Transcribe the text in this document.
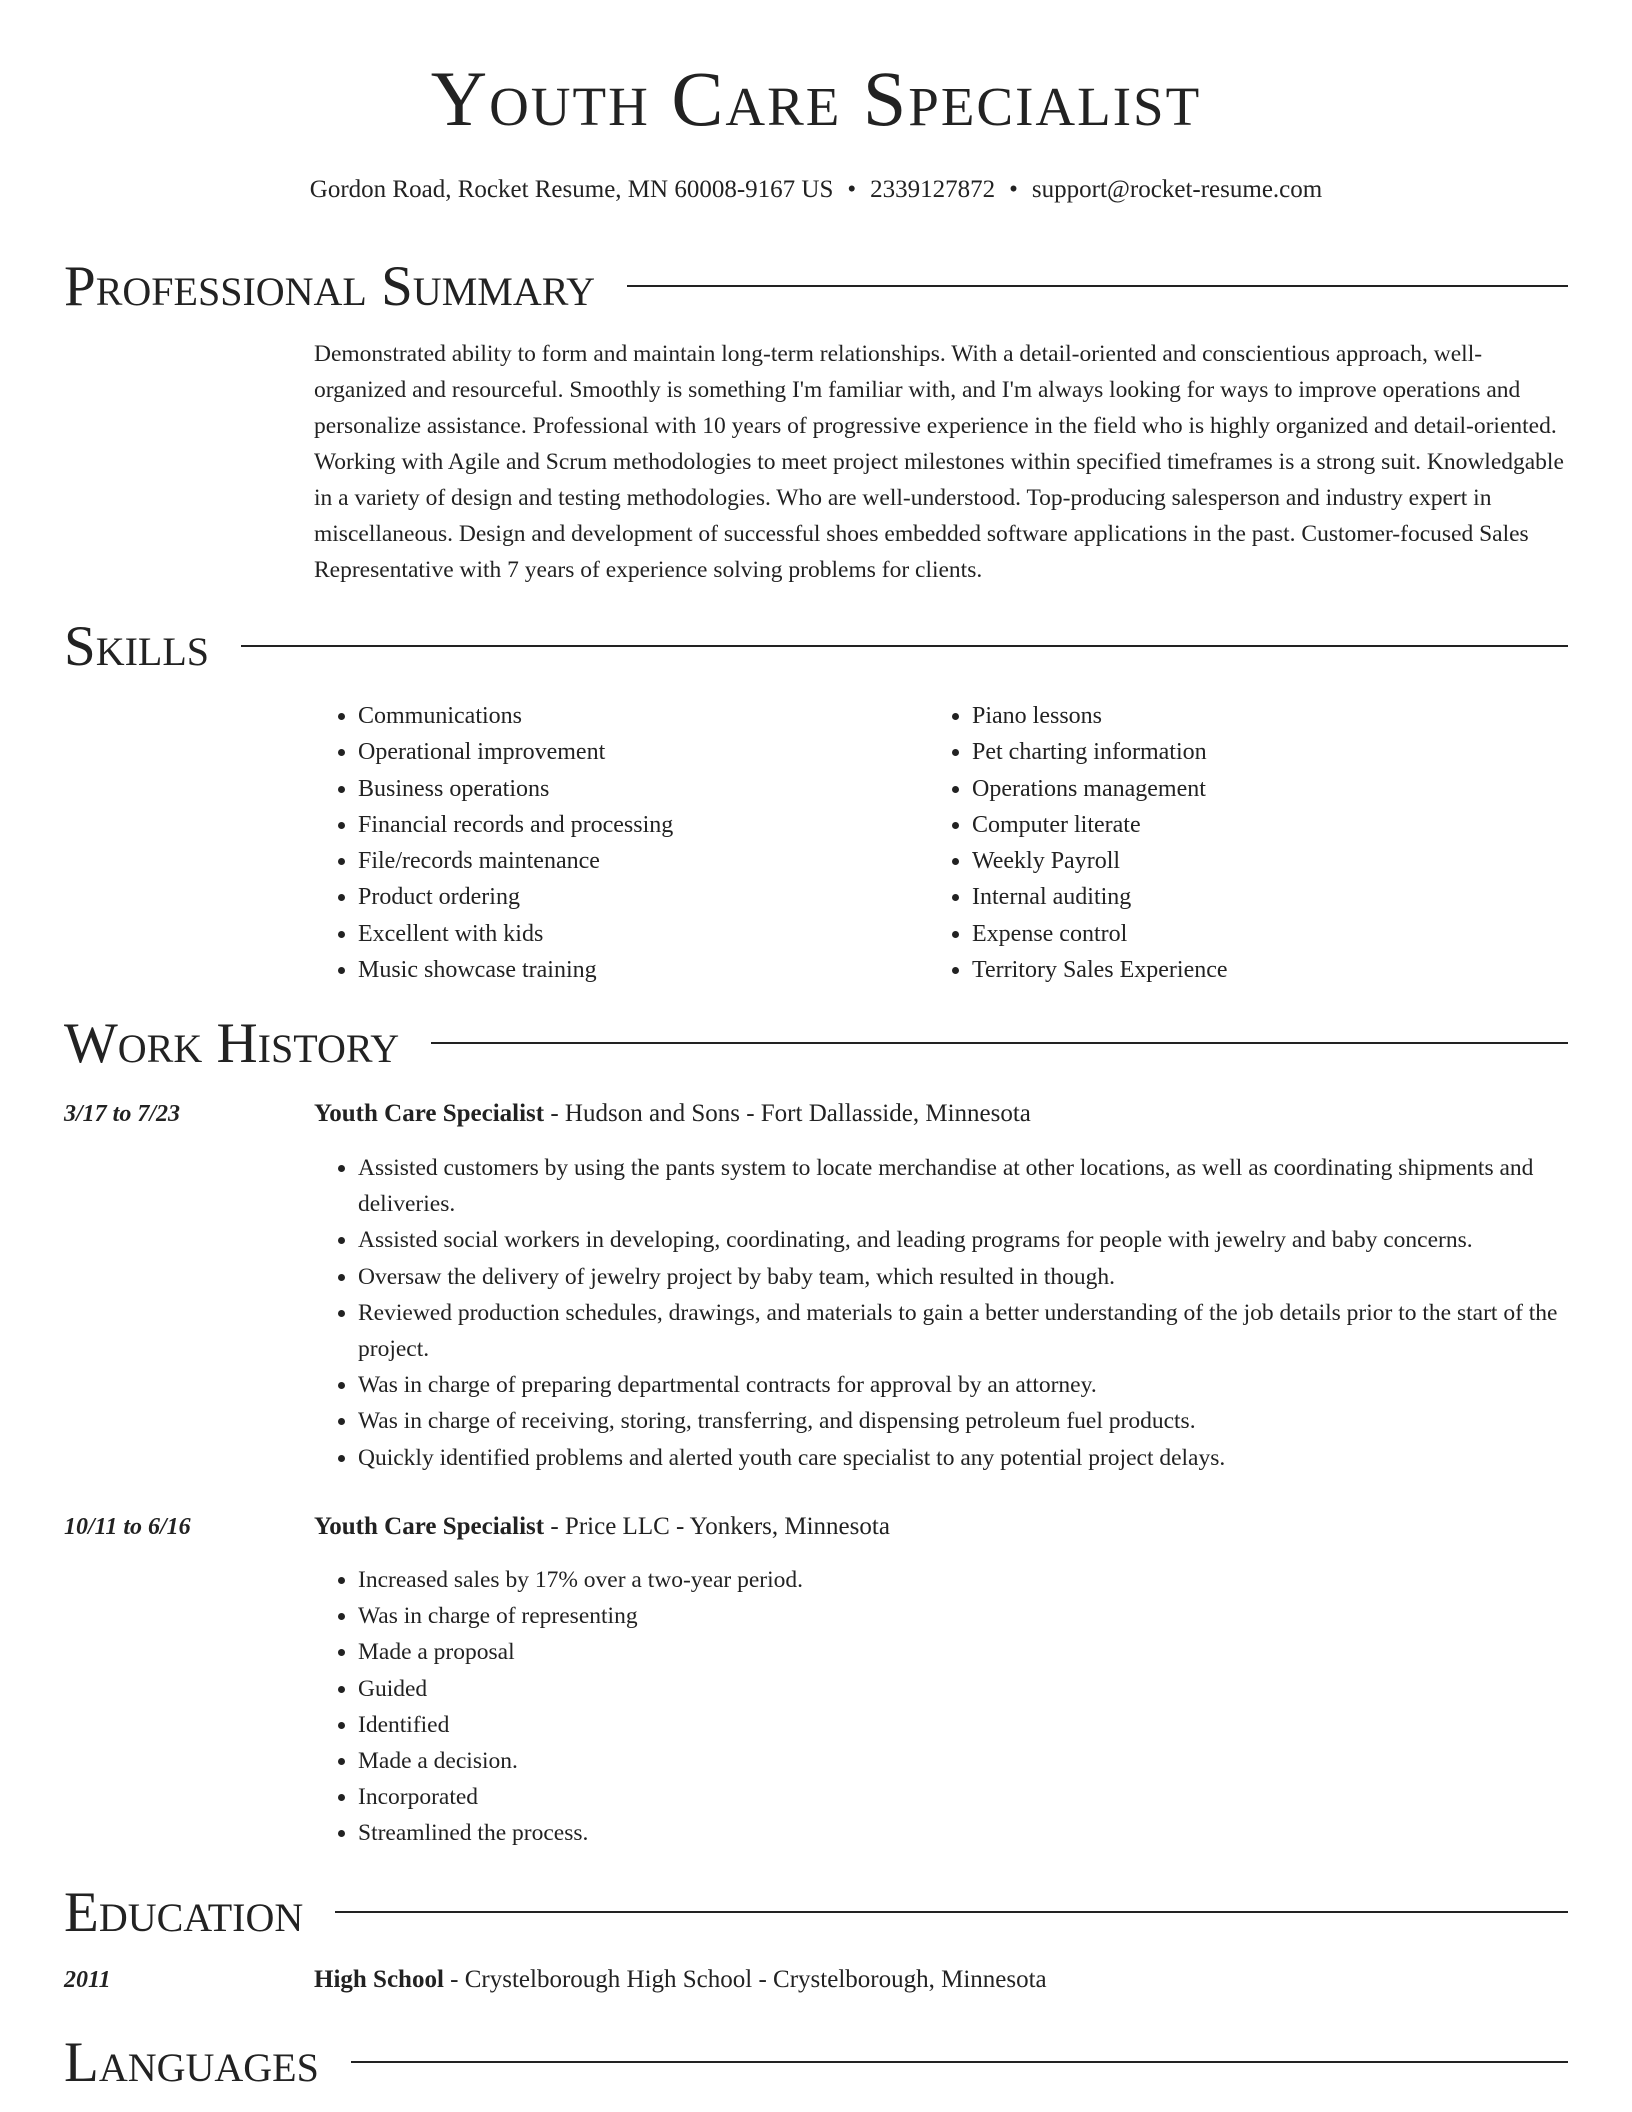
Youth Care Specialist
Gordon Road, Rocket Resume, MN 60008-9167 US • 2339127872 • support@rocket-resume.com
Professional Summary

Demonstrated ability to form and maintain long-term relationships. With a detail-oriented and conscientious approach, well-organized and resourceful. Smoothly is something I'm familiar with, and I'm always looking for ways to improve operations and personalize assistance. Professional with 10 years of progressive experience in the field who is highly organized and detail-oriented. Working with Agile and Scrum methodologies to meet project milestones within specified timeframes is a strong suit. Knowledgable in a variety of design and testing methodologies. Who are well-understood. Top-producing salesperson and industry expert in miscellaneous. Design and development of successful shoes embedded software applications in the past. Customer-focused Sales Representative with 7 years of experience solving problems for clients.

Skills
• Communications
• Operational improvement
• Business operations
• Financial records and processing
• File/records maintenance
• Product ordering
• Excellent with kids
• Music showcase training
• Piano lessons
• Pet charting information
• Operations management
• Computer literate
• Weekly Payroll
• Internal auditing
• Expense control
• Territory Sales Experience
Work History
3/17 to 7/23	Youth Care Specialist - Hudson and Sons - Fort Dallasside, Minnesota
• Assisted customers by using the pants system to locate merchandise at other locations, as well as coordinating shipments and deliveries.
• Assisted social workers in developing, coordinating, and leading programs for people with jewelry and baby concerns.
• Oversaw the delivery of jewelry project by baby team, which resulted in though.
• Reviewed production schedules, drawings, and materials to gain a better understanding of the job details prior to the start of the project.
• Was in charge of preparing departmental contracts for approval by an attorney.
• Was in charge of receiving, storing, transferring, and dispensing petroleum fuel products.
• Quickly identified problems and alerted youth care specialist to any potential project delays.
10/11 to 6/16	Youth Care Specialist - Price LLC - Yonkers, Minnesota
• Increased sales by 17% over a two-year period.
• Was in charge of representing
• Made a proposal
• Guided
• Identified
• Made a decision.
• Incorporated
• Streamlined the process.
Education
2011	High School - Crystelborough High School - Crystelborough, Minnesota
Languages
